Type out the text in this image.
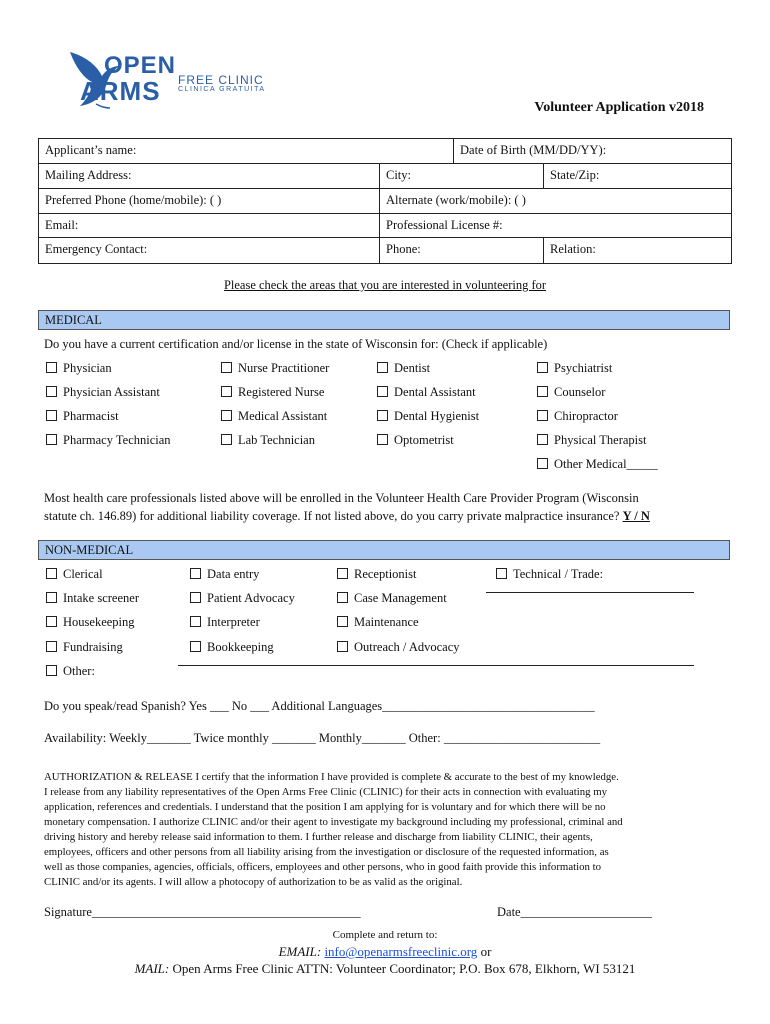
OPEN
ARMS FREE CLINIC
CLINICA GRATUITA
Volunteer Application v2018
Applicant’s name:	Date of Birth (MM/DD/YY):
Mailing Address:	City:	State/Zip:
Preferred Phone (home/mobile): ( )	Alternate (work/mobile): ( )
Email:	Professional License #:
Emergency Contact:	Phone:	Relation:
Please check the areas that you are interested in volunteering for
MEDICAL
Do you have a current certification and/or license in the state of Wisconsin for: (Check if applicable)
Physician
Physician Assistant
Pharmacist
Pharmacy Technician
Nurse Practitioner
Registered Nurse
Medical Assistant
Lab Technician
Dentist
Dental Assistant
Dental Hygienist
Optometrist
Psychiatrist
Counselor
Chiropractor
Physical Therapist
Other Medical_____
Most health care professionals listed above will be enrolled in the Volunteer Health Care Provider Program (Wisconsin
statute ch. 146.89) for additional liability coverage. If not listed above, do you carry private malpractice insurance? Y / N
NON-MEDICAL
Clerical
Intake screener
Housekeeping
Fundraising
Other:
Data entry
Patient Advocacy
Interpreter
Bookkeeping
Receptionist
Case Management
Maintenance
Outreach / Advocacy
Technical / Trade:
Do you speak/read Spanish? Yes ___ No ___ Additional Languages__________________________________
Availability: Weekly_______ Twice monthly _______ Monthly_______ Other: _________________________
AUTHORIZATION & RELEASE I certify that the information I have provided is complete & accurate to the best of my knowledge.
I release from any liability representatives of the Open Arms Free Clinic (CLINIC) for their acts in connection with evaluating my
application, references and credentials. I understand that the position I am applying for is voluntary and for which there will be no
monetary compensation. I authorize CLINIC and/or their agent to investigate my background including my professional, criminal and
driving history and hereby release said information to them. I further release and discharge from liability CLINIC, their agents,
employees, officers and other persons from all liability arising from the investigation or disclosure of the requested information, as
well as those companies, agencies, officials, officers, employees and other persons, who in good faith provide this information to
CLINIC and/or its agents. I will allow a photocopy of authorization to be as valid as the original.
Signature___________________________________________	Date_____________________
Complete and return to:
EMAIL: info@openarmsfreeclinic.org or
MAIL: Open Arms Free Clinic ATTN: Volunteer Coordinator; P.O. Box 678, Elkhorn, WI 53121
